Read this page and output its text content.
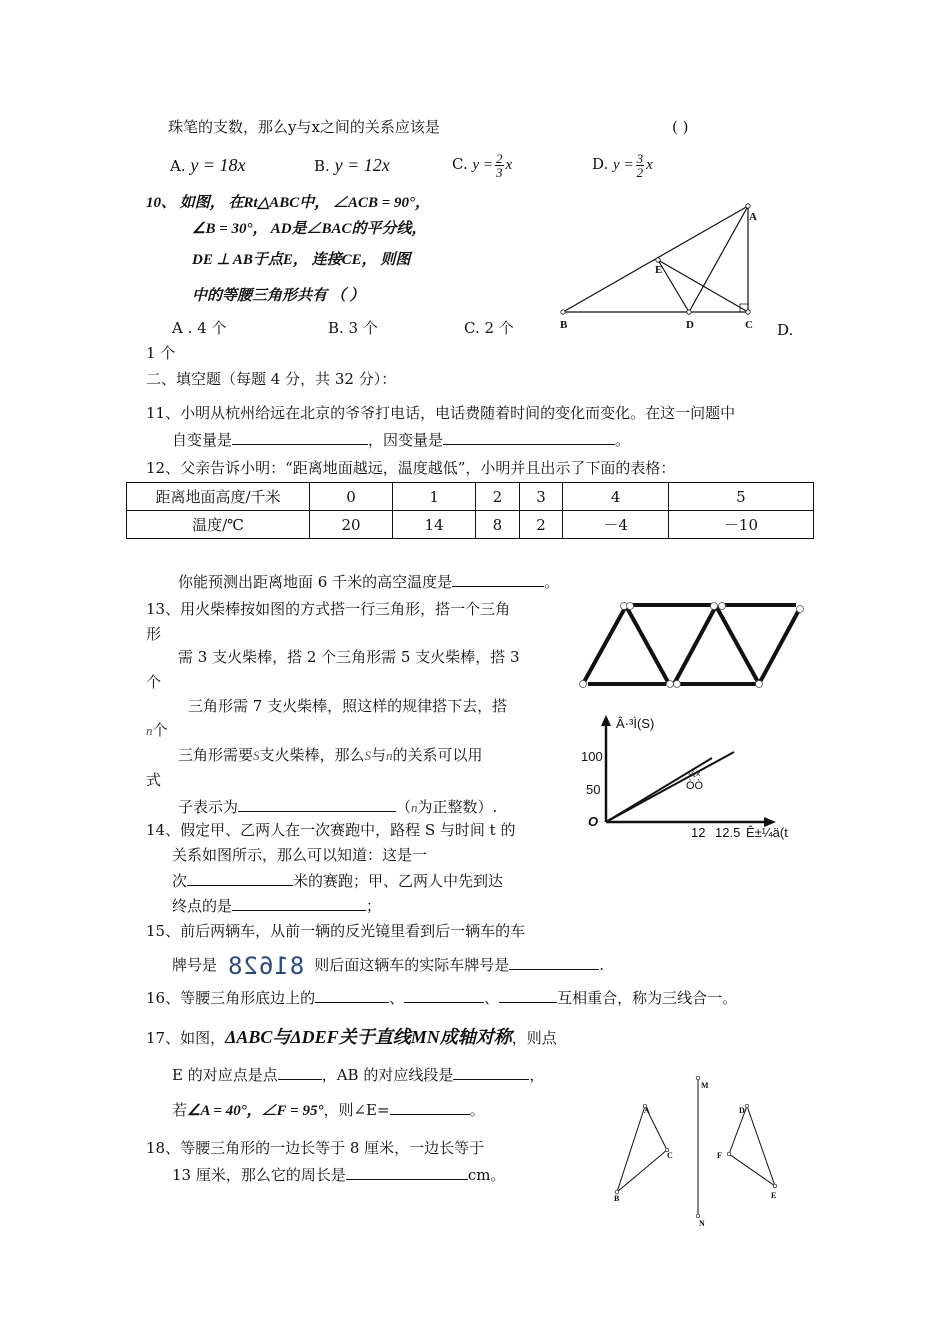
珠笔的支数，那么y与x之间的关系应该是	( )
A. y = 18x	B. y = 12x	C. $y = \frac{2}{3}$ x	D. $y = \frac{3}{2}$ x
10、 如图， 在Rt△ABC中， ∠ACB = 90°，
∠B = 30°， AD是∠BAC的平分线，
DE ⊥ AB于点E， 连接CE， 则图
中的等腰三角形共有 （ ）
A . 4 个	B. 3 个	C. 2 个	D.
1 个
B
A
C
D
E
二、填空题（每题 4 分，共 32 分）：
11、小明从杭州给远在北京的爷爷打电话，电话费随着时间的变化而变化。在这一问题中
自变量是	，因变量是	。
12、父亲告诉小明：“距离地面越远，温度越低”，小明并且出示了下面的表格：
距离地面高度/千米	0	1	2	3	4	5
温度/℃	20	14	8	2	－4	－10
你能预测出距离地面 6 千米的高空温度是	。
13、用火柴棒按如图的方式搭一行三角形，搭一个三角
形
需 3 支火柴棒，搭 2 个三角形需 5 支火柴棒，搭 3
个
三角形需 7 支火柴棒，照这样的规律搭下去，搭
n个
三角形需要S支火柴棒，那么S与n的关系可以用
式
子表示为	（n为正整数）.
Â·³Ì(S)
100
50
O
12 12.5 Ê±¼ä(t
¼×
ÒÒ
14、假定甲、乙两人在一次赛跑中，路程 S 与时间 t 的
关系如图所示，那么可以知道：这是一
次	米的赛跑；甲、乙两人中先到达
终点的是	；
15、前后两辆车，从前一辆的反光镜里看到后一辆车的车
牌号是 81628 则后面这辆车的实际车牌号是	.
16、等腰三角形底边上的	、	、	互相重合，称为三线合一。
17、如图，ΔABC与ΔDEF关于直线MN成轴对称，则点
E 的对应点是点	，AB 的对应线段是	，
若∠A = 40°，∠F = 95°，则∠E=	。
M
N
A
B
C
D
F
E
18、等腰三角形的一边长等于 8 厘米，一边长等于
13 厘米，那么它的周长是	cm。
